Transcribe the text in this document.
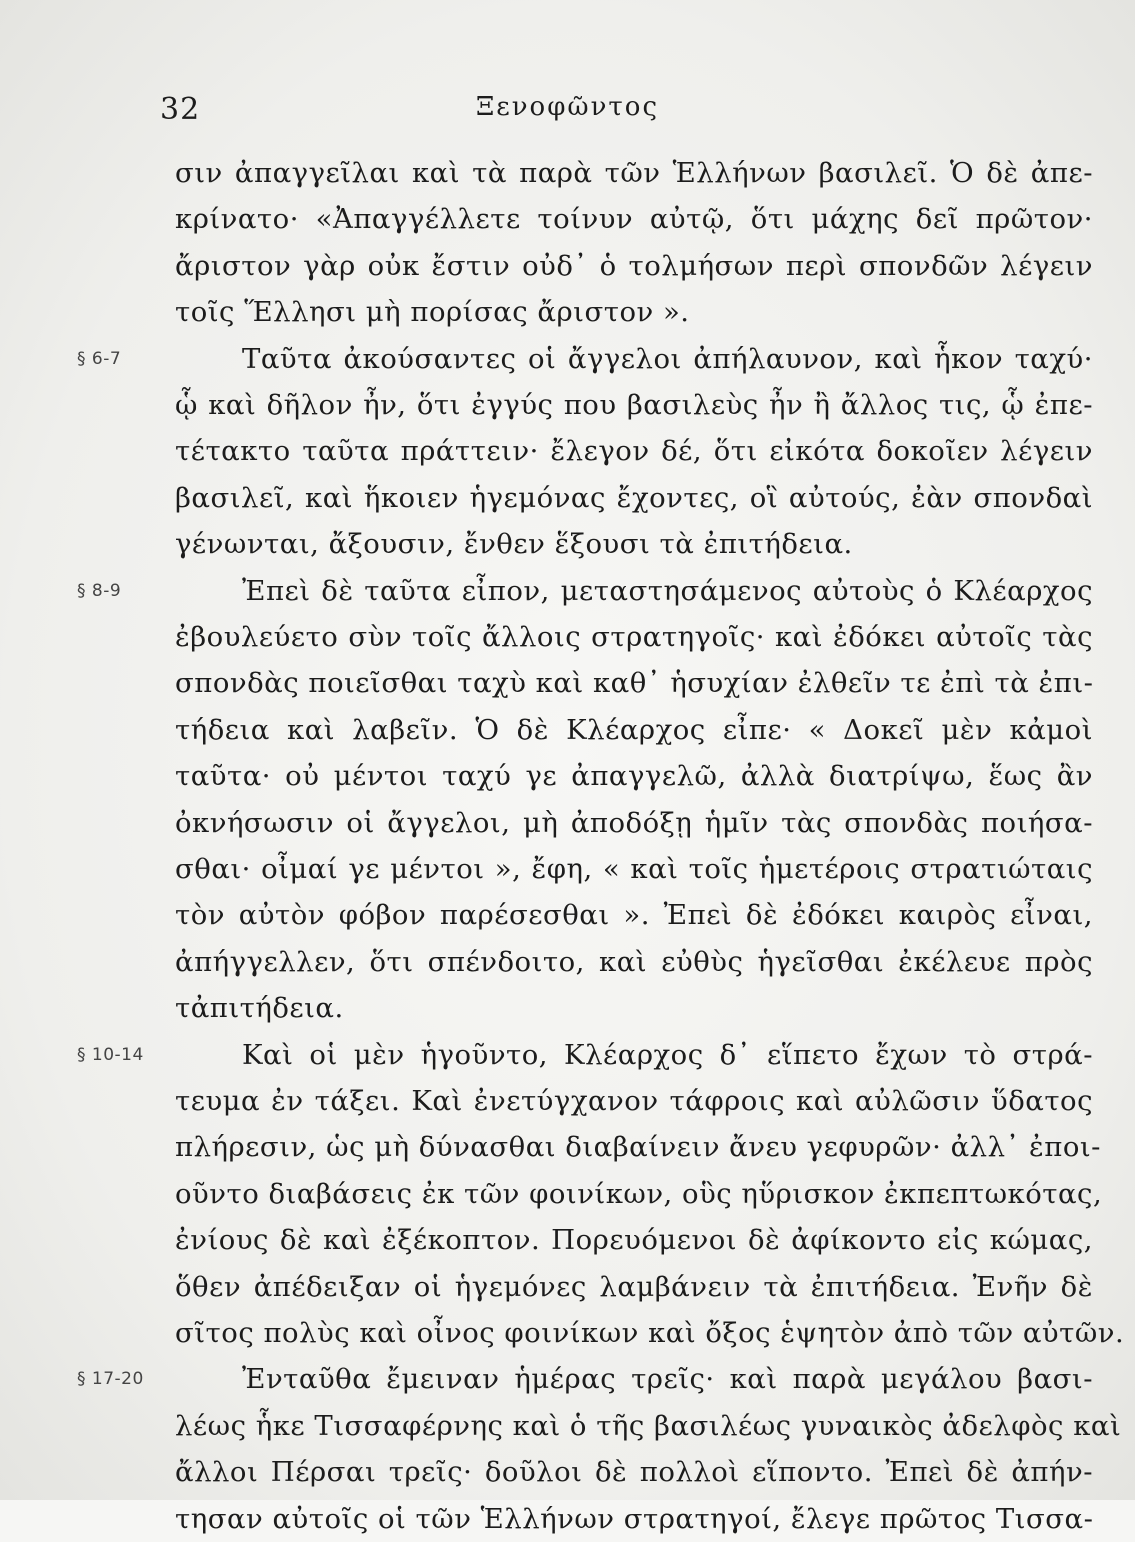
32	Ξενοφῶντος
σιν ἀπαγγεῖλαι καὶ τὰ παρὰ τῶν Ἑλλήνων βασιλεῖ. Ὁ δὲ ἀπε-
κρίνατο· «Ἀπαγγέλλετε τοίνυν αὐτῷ, ὅτι μάχης δεῖ πρῶτον·
ἄριστον γὰρ οὐκ ἔστιν οὐδ᾽ ὁ τολμήσων περὶ σπονδῶν λέγειν
τοῖς Ἕλλησι μὴ πορίσας ἄριστον ».
§ 6-7	Ταῦτα ἀκούσαντες οἱ ἄγγελοι ἀπήλαυνον, καὶ ἧκον ταχύ·
ᾧ καὶ δῆλον ἦν, ὅτι ἐγγύς που βασιλεὺς ἦν ἢ ἄλλος τις, ᾧ ἐπε-
τέτακτο ταῦτα πράττειν· ἔλεγον δέ, ὅτι εἰκότα δοκοῖεν λέγειν
βασιλεῖ, καὶ ἥκοιεν ἡγεμόνας ἔχοντες, οἳ αὐτούς, ἐὰν σπονδαὶ
γένωνται, ἄξουσιν, ἔνθεν ἕξουσι τὰ ἐπιτήδεια.
§ 8-9	Ἐπεὶ δὲ ταῦτα εἶπον, μεταστησάμενος αὐτοὺς ὁ Κλέαρχος
ἐβουλεύετο σὺν τοῖς ἄλλοις στρατηγοῖς· καὶ ἐδόκει αὐτοῖς τὰς
σπονδὰς ποιεῖσθαι ταχὺ καὶ καθ᾽ ἡσυχίαν ἐλθεῖν τε ἐπὶ τὰ ἐπι-
τήδεια καὶ λαβεῖν. Ὁ δὲ Κλέαρχος εἶπε· « Δοκεῖ μὲν κἀμοὶ
ταῦτα· οὐ μέντοι ταχύ γε ἀπαγγελῶ, ἀλλὰ διατρίψω, ἕως ἂν
ὀκνήσωσιν οἱ ἄγγελοι, μὴ ἀποδόξῃ ἡμῖν τὰς σπονδὰς ποιήσα-
σθαι· οἶμαί γε μέντοι », ἔφη, « καὶ τοῖς ἡμετέροις στρατιώταις
τὸν αὐτὸν φόβον παρέσεσθαι ». Ἐπεὶ δὲ ἐδόκει καιρὸς εἶναι,
ἀπήγγελλεν, ὅτι σπένδοιτο, καὶ εὐθὺς ἡγεῖσθαι ἐκέλευε πρὸς
τἀπιτήδεια.
§ 10-14	Καὶ οἱ μὲν ἡγοῦντο, Κλέαρχος δ᾽ εἵπετο ἔχων τὸ στρά-
τευμα ἐν τάξει. Καὶ ἐνετύγχανον τάφροις καὶ αὐλῶσιν ὕδατος
πλήρεσιν, ὡς μὴ δύνασθαι διαβαίνειν ἄνευ γεφυρῶν· ἀλλ᾽ ἐποι-
οῦντο διαβάσεις ἐκ τῶν φοινίκων, οὓς ηὕρισκον ἐκπεπτωκότας,
ἐνίους δὲ καὶ ἐξέκοπτον. Πορευόμενοι δὲ ἀφίκοντο εἰς κώμας,
ὅθεν ἀπέδειξαν οἱ ἡγεμόνες λαμβάνειν τὰ ἐπιτήδεια. Ἐνῆν δὲ
σῖτος πολὺς καὶ οἶνος φοινίκων καὶ ὄξος ἑψητὸν ἀπὸ τῶν αὐτῶν.
§ 17-20	Ἐνταῦθα ἔμειναν ἡμέρας τρεῖς· καὶ παρὰ μεγάλου βασι-
λέως ἧκε Τισσαφέρνης καὶ ὁ τῆς βασιλέως γυναικὸς ἀδελφὸς καὶ
ἄλλοι Πέρσαι τρεῖς· δοῦλοι δὲ πολλοὶ εἵποντο. Ἐπεὶ δὲ ἀπήν-
τησαν αὐτοῖς οἱ τῶν Ἑλλήνων στρατηγοί, ἔλεγε πρῶτος Τισσα-
